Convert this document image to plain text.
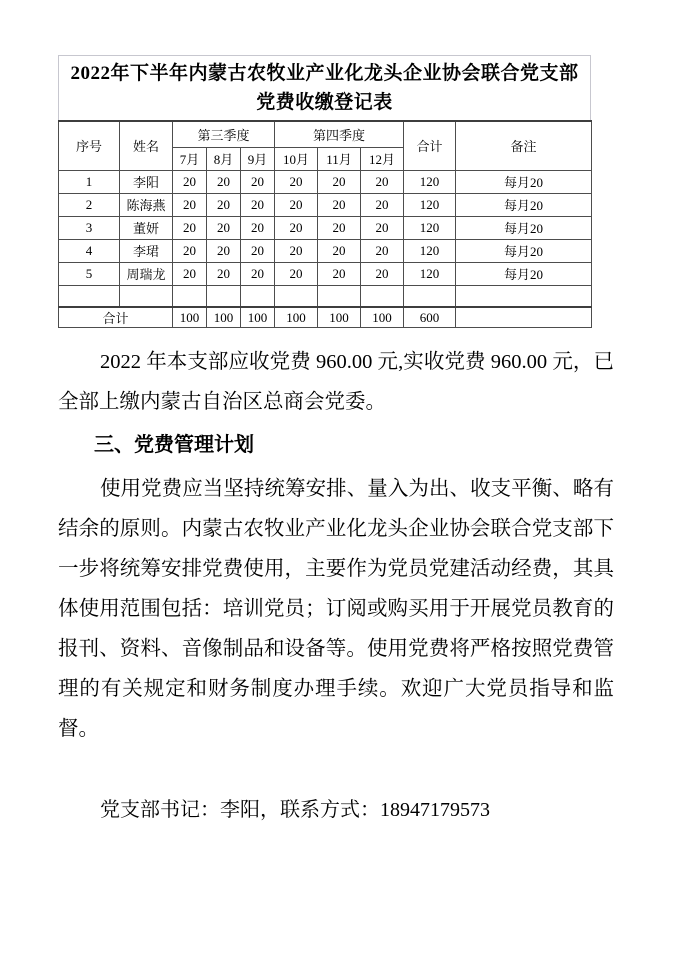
2022年下半年内蒙古农牧业产业化龙头企业协会联合党支部
党费收缴登记表
序号	姓名	第三季度			第四季度			合计	备注
		7月	8月	9月	10月	11月	12月		
1	李阳	20	20	20	20	20	20	120	每月20
2	陈海燕	20	20	20	20	20	20	120	每月20
3	董妍	20	20	20	20	20	20	120	每月20
4	李珺	20	20	20	20	20	20	120	每月20
5	周瑞龙	20	20	20	20	20	20	120	每月20

合计		100	100	100	100	100	100	600	

2022 年本支部应收党费 960.00 元,实收党费 960.00 元，已全部上缴内蒙古自治区总商会党委。

三、党费管理计划

使用党费应当坚持统筹安排、量入为出、收支平衡、略有结余的原则。内蒙古农牧业产业化龙头企业协会联合党支部下一步将统筹安排党费使用，主要作为党员党建活动经费，其具体使用范围包括：培训党员；订阅或购买用于开展党员教育的报刊、资料、音像制品和设备等。使用党费将严格按照党费管理的有关规定和财务制度办理手续。欢迎广大党员指导和监督。

党支部书记：李阳，联系方式：18947179573
